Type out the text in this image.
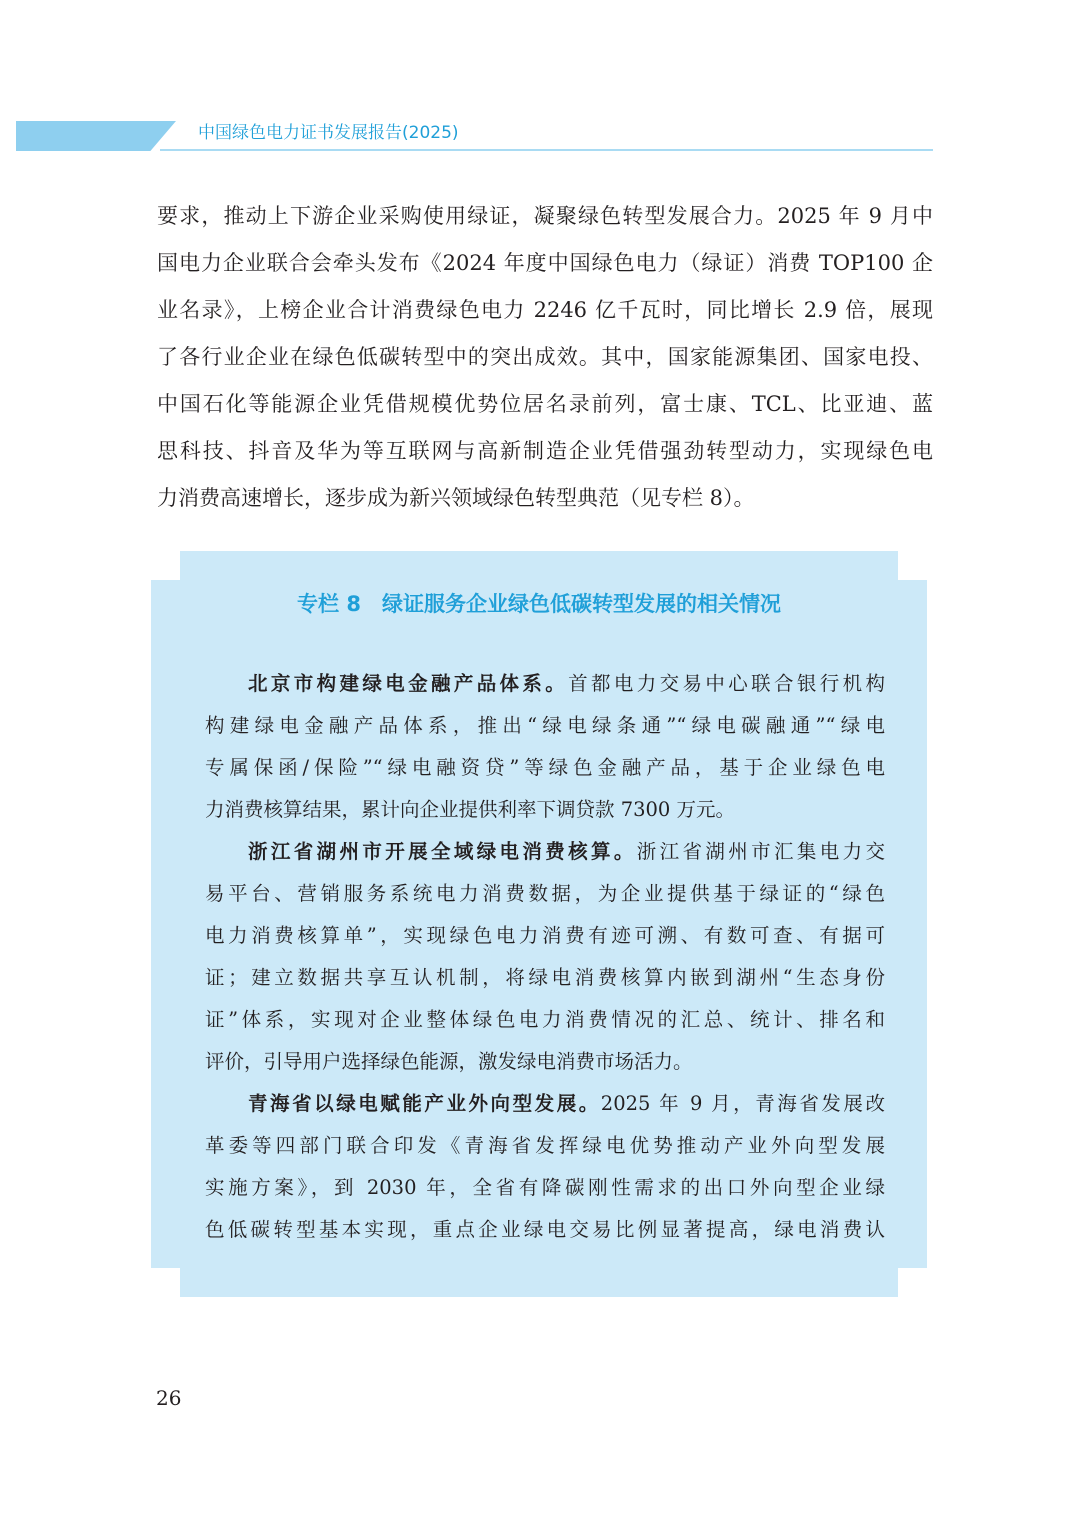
中国绿色电力证书发展报告(2025)
要求，推动上下游企业采购使用绿证，凝聚绿色转型发展合力。2025 年 9 月中
国电力企业联合会牵头发布《2024 年度中国绿色电力（绿证）消费 TOP100 企
业名录》，上榜企业合计消费绿色电力 2246 亿千瓦时，同比增长 2.9 倍，展现
了各行业企业在绿色低碳转型中的突出成效。其中，国家能源集团、国家电投、
中国石化等能源企业凭借规模优势位居名录前列，富士康、TCL、比亚迪、蓝
思科技、抖音及华为等互联网与高新制造企业凭借强劲转型动力，实现绿色电
力消费高速增长，逐步成为新兴领域绿色转型典范（见专栏 8）。
专栏 8　绿证服务企业绿色低碳转型发展的相关情况
北京市构建绿电金融产品体系。首都电力交易中心联合银行机构
构建绿电金融产品体系，推出“绿电绿条通”“绿电碳融通”“绿电
专属保函/保险”“绿电融资贷”等绿色金融产品，基于企业绿色电
力消费核算结果，累计向企业提供利率下调贷款 7300 万元。
浙江省湖州市开展全域绿电消费核算。浙江省湖州市汇集电力交
易平台、营销服务系统电力消费数据，为企业提供基于绿证的“绿色
电力消费核算单”，实现绿色电力消费有迹可溯、有数可查、有据可
证；建立数据共享互认机制，将绿电消费核算内嵌到湖州“生态身份
证”体系，实现对企业整体绿色电力消费情况的汇总、统计、排名和
评价，引导用户选择绿色能源，激发绿电消费市场活力。
青海省以绿电赋能产业外向型发展。2025 年 9 月，青海省发展改
革委等四部门联合印发《青海省发挥绿电优势推动产业外向型发展
实施方案》，到 2030 年，全省有降碳刚性需求的出口外向型企业绿
色低碳转型基本实现，重点企业绿电交易比例显著提高，绿电消费认
26
